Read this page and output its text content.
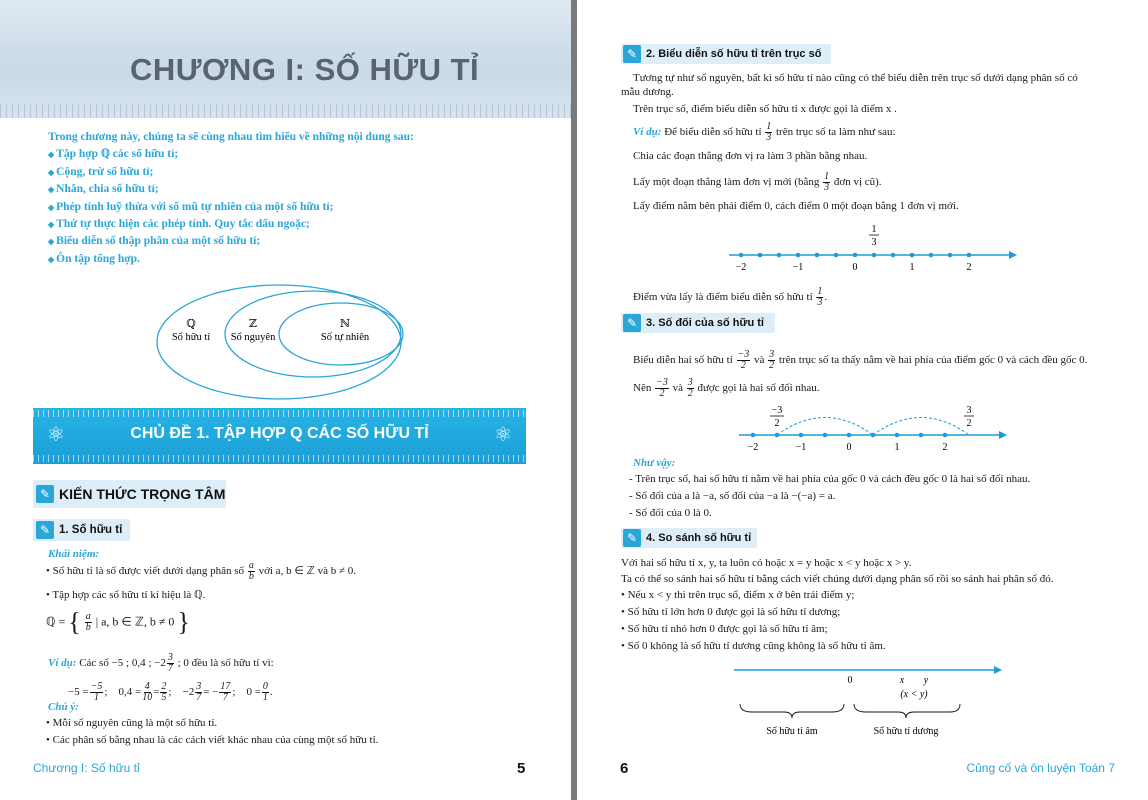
CHƯƠNG I: SỐ HỮU TỈ
Trong chương này, chúng ta sẽ cùng nhau tìm hiểu về những nội dung sau:
◆ Tập hợp ℚ các số hữu tỉ;
◆ Cộng, trừ số hữu tỉ;
◆ Nhân, chia số hữu tỉ;
◆ Phép tính luỹ thừa với số mũ tự nhiên của một số hữu tỉ;
◆ Thứ tự thực hiện các phép tính. Quy tắc dấu ngoặc;
◆ Biểu diễn số thập phân của một số hữu tỉ;
◆ Ôn tập tổng hợp.
ℚ
Số hữu tỉ
ℤ
Số nguyên
ℕ
Số tự nhiên
⚛	CHỦ ĐỀ 1. TẬP HỢP Q CÁC SỐ HỮU TỈ	⚛
✎ KIẾN THỨC TRỌNG TÂM
✎ 1. Số hữu tỉ
Khái niệm:
• Số hữu tỉ là số được viết dưới dạng phân số $\frac{a}{b}$ với a, b ∈ ℤ và b ≠ 0.
• Tập hợp các số hữu tỉ kí hiệu là ℚ.
ℚ = { $\frac{a}{b}$ | a, b ∈ ℤ, b ≠ 0 }
Ví dụ: Các số −5 ; 0,4 ; $-2 \frac{3}{7}$ ; 0 đều là số hữu tỉ vì:
$-5 = \frac{-5}{1}$ ;    $0,4 = \frac{4}{10} = \frac{2}{5}$ ;    $-2 \frac{3}{7}$ = − $\frac{17}{7}$ ;    $0 = \frac{0}{1}$ .
Chú ý:
• Mỗi số nguyên cũng là một số hữu tỉ.
• Các phân số bằng nhau là các cách viết khác nhau của cùng một số hữu tỉ.
Chương I: Số hữu tỉ	5
✎ 2. Biểu diễn số hữu tỉ trên trục số
Tương tự như số nguyên, bất kì số hữu tỉ nào cũng có thể biểu diễn trên trục số dưới dạng phân số có
mẫu dương.
Trên trục số, điểm biểu diễn số hữu tỉ x được gọi là điểm x .
Ví dụ: Để biểu diễn số hữu tỉ $\frac{1}{3}$ trên trục số ta làm như sau:
Chia các đoạn thẳng đơn vị ra làm 3 phần bằng nhau.
Lấy một đoạn thẳng làm đơn vị mới (bằng $\frac{1}{3}$ đơn vị cũ).
Lấy điểm nằm bên phải điểm 0, cách điểm 0 một đoạn bằng 1 đơn vị mới.
−2	−1	0	1	2
1
3
Điểm vừa lấy là điểm biểu diễn số hữu tỉ $\frac{1}{3}$ .
✎ 3. Số đối của số hữu tỉ
Biểu diễn hai số hữu tỉ $\frac{-3}{2}$ và $\frac{3}{2}$ trên trục số ta thấy nằm về hai phía của điểm gốc 0 và cách đều gốc 0.
Nên $\frac{-3}{2}$ và $\frac{3}{2}$ được gọi là hai số đối nhau.
−2	−1	0	1	2
−3
2
3
2
Như vậy:
- Trên trục số, hai số hữu tỉ nằm về hai phía của gốc 0 và cách đều gốc 0 là hai số đối nhau.
- Số đối của a là −a, số đối của −a là −(−a) = a.
- Số đối của 0 là 0.
✎ 4. So sánh số hữu tỉ
Với hai số hữu tỉ x, y, ta luôn có hoặc x = y hoặc x < y hoặc x > y.
Ta có thể so sánh hai số hữu tỉ bằng cách viết chúng dưới dạng phân số rồi so sánh hai phân số đó.
• Nếu x < y thì trên trục số, điểm x ở bên trái điểm y;
• Số hữu tỉ lớn hơn 0 được gọi là số hữu tỉ dương;
• Số hữu tỉ nhỏ hơn 0 được gọi là số hữu tỉ âm;
• Số 0 không là số hữu tỉ dương cũng không là số hữu tỉ âm.
0	x y
(x < y)
Số hữu tỉ âm	Số hữu tỉ dương
6	Củng cố và ôn luyện Toán 7
